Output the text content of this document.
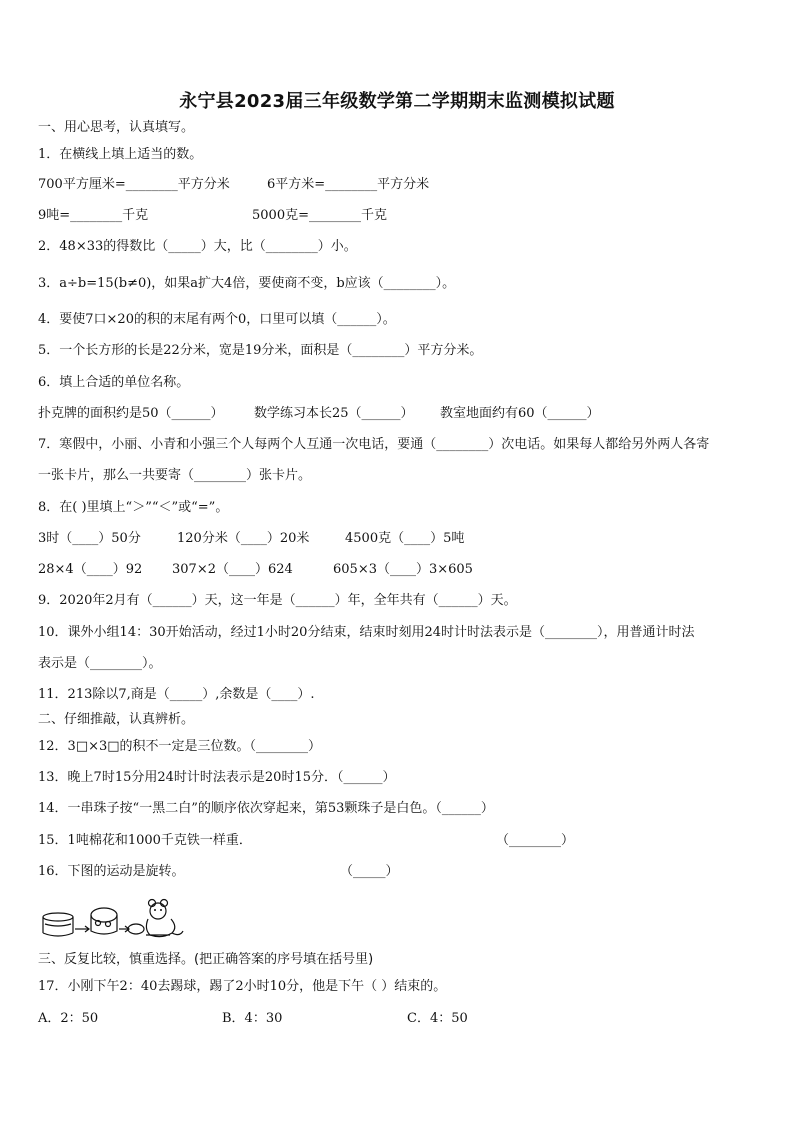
永宁县2023届三年级数学第二学期期末监测模拟试题
一、用心思考，认真填写。
1．在横线上填上适当的数。
700平方厘米=________平方分米	6平方米=________平方分米
9吨=________千克	5000克=________千克
2．48×33的得数比（_____）大，比（________）小。
3．a÷b=15(b≠0)，如果a扩大4倍，要使商不变，b应该（________）。
4．要使7口×20的积的末尾有两个0，口里可以填（______）。
5．一个长方形的长是22分米，宽是19分米，面积是（________）平方分米。
6．填上合适的单位名称。
扑克牌的面积约是50（______） 数学练习本长25（______） 教室地面约有60（______）
7．寒假中，小丽、小青和小强三个人每两个人互通一次电话，要通（________）次电话。如果每人都给另外两人各寄
一张卡片，那么一共要寄（________）张卡片。
8．在( )里填上“＞”“＜”或“=”。
3时（____）50分	120分米（____）20米	4500克（____）5吨
28×4（____）92 307×2（____）624	605×3（____）3×605
9．2020年2月有（______）天，这一年是（______）年，全年共有（______）天。
10．课外小组14：30开始活动，经过1小时20分结束，结束时刻用24时计时法表示是（________），用普通计时法
表示是（________）。
11．213除以7,商是（_____）,余数是（____）.
二、仔细推敲，认真辨析。
12．3□×3□的积不一定是三位数。（________）
13．晚上7时15分用24时计时法表示是20时15分．（______）
14．一串珠子按“一黑二白”的顺序依次穿起来，第53颗珠子是白色。（______）
15．1吨棉花和1000千克铁一样重．	（________）
16．下图的运动是旋转。	（_____）
三、反复比较，慎重选择。(把正确答案的序号填在括号里)
17．小刚下午2：40去踢球，踢了2小时10分，他是下午（ ）结束的。
A．2：50	B．4：30	C．4：50
